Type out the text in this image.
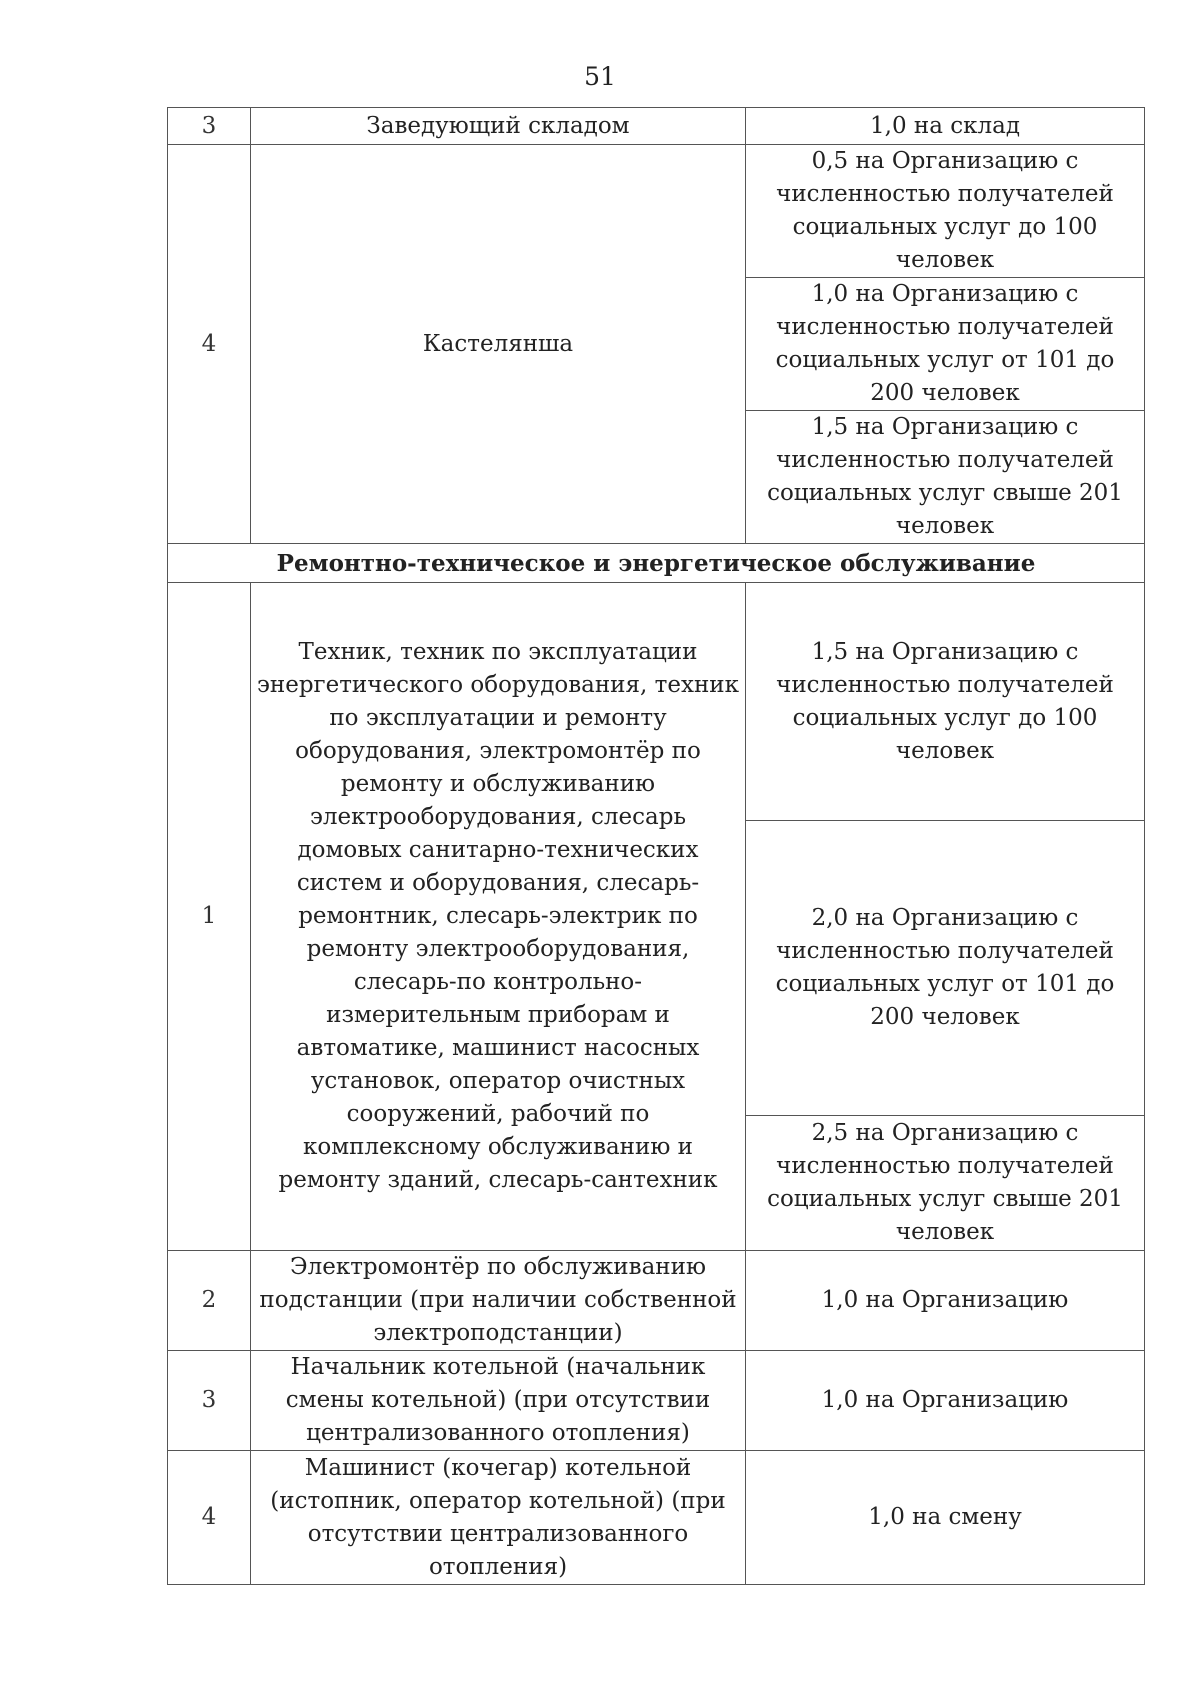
51
3	Заведующий складом	1,0 на склад
4	Кастелянша	0,5 на Организацию с численностью получателей социальных услуг до 100 человек
		1,0 на Организацию с численностью получателей социальных услуг от 101 до 200 человек
		1,5 на Организацию с численностью получателей социальных услуг свыше 201 человек
Ремонтно-техническое и энергетическое обслуживание		
1	Техник, техник по эксплуатации энергетического оборудования, техник по эксплуатации и ремонту оборудования, электромонтёр по ремонту и обслуживанию электрооборудования, слесарь домовых санитарно-технических систем и оборудования, слесарь-ремонтник, слесарь-электрик по ремонту электрооборудования, слесарь-по контрольно-измерительным приборам и автоматике, машинист насосных установок, оператор очистных сооружений, рабочий по комплексному обслуживанию и ремонту зданий, слесарь-сантехник	1,5 на Организацию с численностью получателей социальных услуг до 100 человек
		2,0 на Организацию с численностью получателей социальных услуг от 101 до 200 человек
		2,5 на Организацию с численностью получателей социальных услуг свыше 201 человек
2	Электромонтёр по обслуживанию подстанции (при наличии собственной электроподстанции)	1,0 на Организацию
3	Начальник котельной (начальник смены котельной) (при отсутствии централизованного отопления)	1,0 на Организацию
4	Машинист (кочегар) котельной (истопник, оператор котельной) (при отсутствии централизованного отопления)	1,0 на смену
